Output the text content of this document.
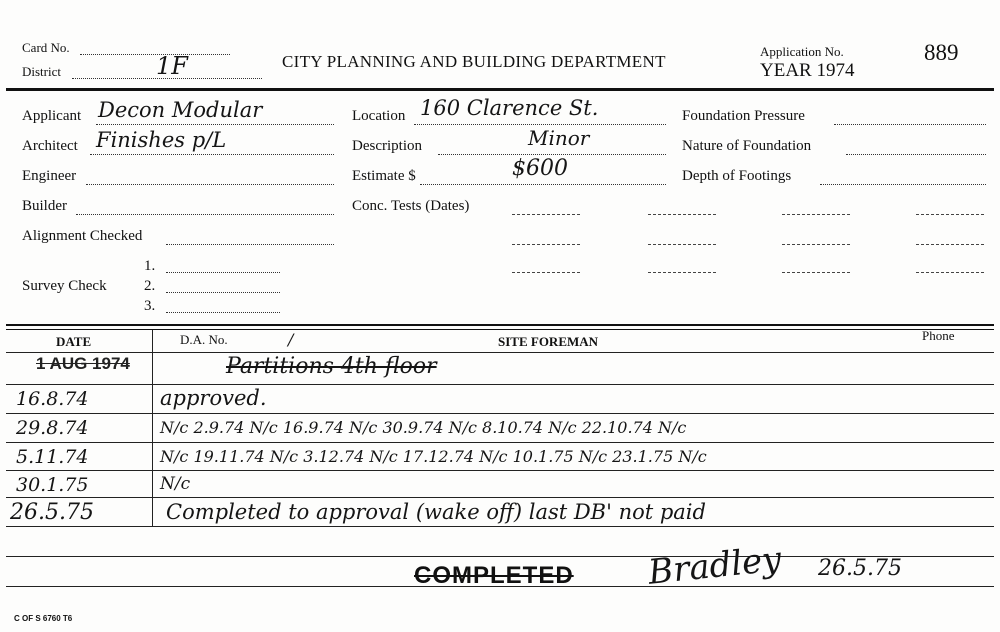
Card No.
District	1F	CITY PLANNING AND BUILDING DEPARTMENT
Application No.
YEAR 1974
889
Applicant Decon Modular
Architect Finishes p/L
Engineer
Builder
Alignment Checked
Survey Check
1.
2.
3.
Location 160 Clarence St.
Description	Minor
Estimate $	$600
Conc. Tests (Dates)
Foundation Pressure
Nature of Foundation
Depth of Footings
DATE	D.A. No.	/	SITE FOREMAN	Phone
1 AUG 1974	Partitions 4th floor
16.8.74	approved.
29.8.74	N/c 2.9.74 N/c 16.9.74 N/c 30.9.74 N/c 8.10.74 N/c 22.10.74 N/c
5.11.74	N/c 19.11.74 N/c 3.12.74 N/c 17.12.74 N/c 10.1.75 N/c 23.1.75 N/c
30.1.75	N/c
26.5.75	Completed to approval (wake off) last DB' not paid
COMPLETED Bradley 26.5.75
C OF S 6760 T6
